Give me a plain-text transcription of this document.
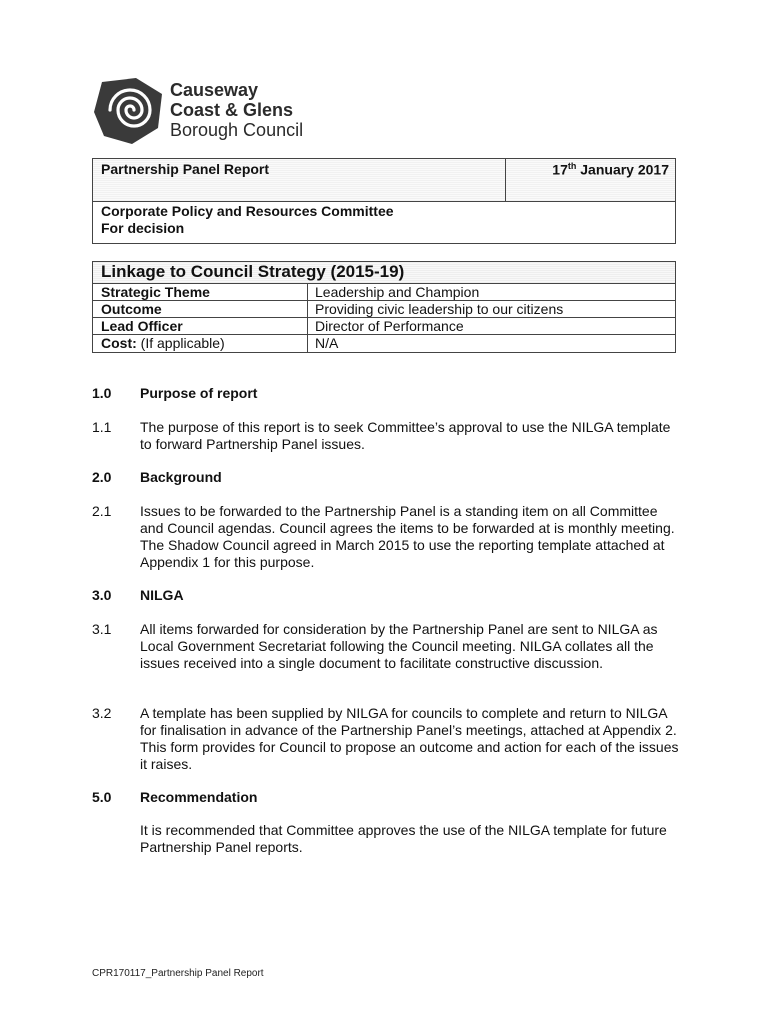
Causeway
Coast & Glens
Borough Council
Partnership Panel Report	17th January 2017
Corporate Policy and Resources Committee
For decision
Linkage to Council Strategy (2015-19)
Strategic Theme	Leadership and Champion
Outcome	Providing civic leadership to our citizens
Lead Officer	Director of Performance
Cost: (If applicable)	N/A
1.0	Purpose of report
1.1	The purpose of this report is to seek Committee’s approval to use the NILGA template to forward Partnership Panel issues.
2.0	Background
2.1	Issues to be forwarded to the Partnership Panel is a standing item on all Committee and Council agendas. Council agrees the items to be forwarded at is monthly meeting. The Shadow Council agreed in March 2015 to use the reporting template attached at Appendix 1 for this purpose.
3.0	NILGA
3.1	All items forwarded for consideration by the Partnership Panel are sent to NILGA as Local Government Secretariat following the Council meeting. NILGA collates all the issues received into a single document to facilitate constructive discussion.
3.2	A template has been supplied by NILGA for councils to complete and return to NILGA for finalisation in advance of the Partnership Panel’s meetings, attached at Appendix 2. This form provides for Council to propose an outcome and action for each of the issues it raises.
5.0	Recommendation
It is recommended that Committee approves the use of the NILGA template for future Partnership Panel reports.
CPR170117_Partnership Panel Report
